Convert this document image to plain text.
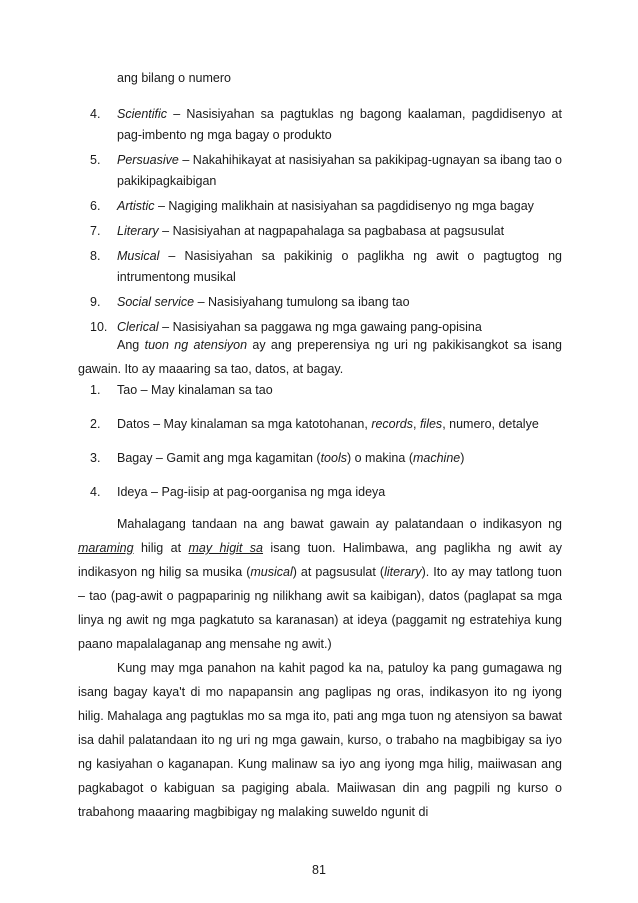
ang bilang o numero
4.	Scientific – Nasisiyahan sa pagtuklas ng bagong kaalaman, pagdidisenyo at pag-imbento ng mga bagay o produkto
5.	Persuasive – Nakahihikayat at nasisiyahan sa pakikipag-ugnayan sa ibang tao o pakikipagkaibigan
6.	Artistic – Nagiging malikhain at nasisiyahan sa pagdidisenyo ng mga bagay
7.	Literary – Nasisiyahan at nagpapahalaga sa pagbabasa at pagsusulat
8.	Musical – Nasisiyahan sa pakikinig o paglikha ng awit o pagtugtog ng intrumentong musikal
9.	Social service – Nasisiyahang tumulong sa ibang tao
10. Clerical – Nasisiyahan sa paggawa ng mga gawaing pang-opisina
Ang tuon ng atensiyon ay ang preperensiya ng uri ng pakikisangkot sa isang gawain. Ito ay maaaring sa tao, datos, at bagay.
1.	Tao – May kinalaman sa tao
2.	Datos – May kinalaman sa mga katotohanan, records, files, numero, detalye
3.	Bagay – Gamit ang mga kagamitan (tools) o makina (machine)
4.	Ideya – Pag-iisip at pag-oorganisa ng mga ideya
Mahalagang tandaan na ang bawat gawain ay palatandaan o indikasyon ng maraming hilig at may higit sa isang tuon. Halimbawa, ang paglikha ng awit ay indikasyon ng hilig sa musika (musical) at pagsusulat (literary). Ito ay may tatlong tuon – tao (pag-awit o pagpaparinig ng nilikhang awit sa kaibigan), datos (paglapat sa mga linya ng awit ng mga pagkatuto sa karanasan) at ideya (paggamit ng estratehiya kung paano mapalalaganap ang mensahe ng awit.)
Kung may mga panahon na kahit pagod ka na, patuloy ka pang gumagawa ng isang bagay kaya't di mo napapansin ang paglipas ng oras, indikasyon ito ng iyong hilig. Mahalaga ang pagtuklas mo sa mga ito, pati ang mga tuon ng atensiyon sa bawat isa dahil palatandaan ito ng uri ng mga gawain, kurso, o trabaho na magbibigay sa iyo ng kasiyahan o kaganapan. Kung malinaw sa iyo ang iyong mga hilig, maiiwasan ang pagkabagot o kabiguan sa pagiging abala. Maiiwasan din ang pagpili ng kurso o trabahong maaaring magbibigay ng malaking suweldo ngunit di
81
